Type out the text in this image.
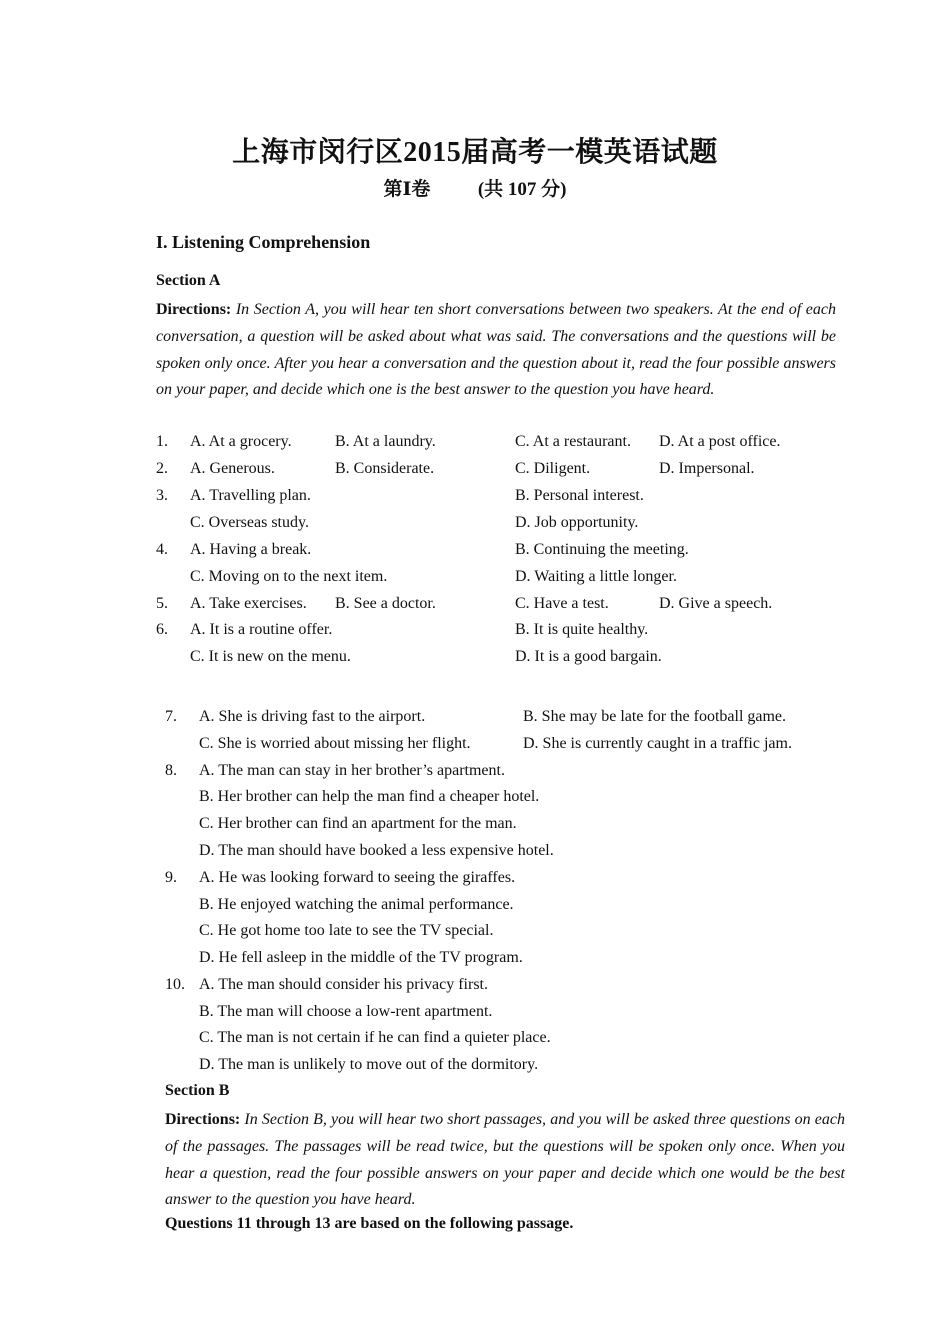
上海市闵行区2015届高考一模英语试题
第Ⅰ卷	(共 107 分)
I. Listening Comprehension
Section A
Directions: In Section A, you will hear ten short conversations between two speakers. At the end of each conversation, a question will be asked about what was said. The conversations and the questions will be spoken only once. After you hear a conversation and the question about it, read the four possible answers on your paper, and decide which one is the best answer to the question you have heard.
1. A. At a grocery.	B. At a laundry.	C. At a restaurant. D. At a post office.
2. A. Generous.	B. Considerate.	C. Diligent.	D. Impersonal.
3. A. Travelling plan.	B. Personal interest.
C. Overseas study.	D. Job opportunity.
4. A. Having a break.	B. Continuing the meeting.
C. Moving on to the next item.	D. Waiting a little longer.
5. A. Take exercises. B. See a doctor.	C. Have a test.	D. Give a speech.
6. A. It is a routine offer.	B. It is quite healthy.
C. It is new on the menu.	D. It is a good bargain.
7. A. She is driving fast to the airport.	B. She may be late for the football game.
C. She is worried about missing her flight.	D. She is currently caught in a traffic jam.
8. A. The man can stay in her brother’s apartment.
B. Her brother can help the man find a cheaper hotel.
C. Her brother can find an apartment for the man.
D. The man should have booked a less expensive hotel.
9. A. He was looking forward to seeing the giraffes.
B. He enjoyed watching the animal performance.
C. He got home too late to see the TV special.
D. He fell asleep in the middle of the TV program.
10. A. The man should consider his privacy first.
B. The man will choose a low-rent apartment.
C. The man is not certain if he can find a quieter place.
D. The man is unlikely to move out of the dormitory.
Section B
Directions: In Section B, you will hear two short passages, and you will be asked three questions on each of the passages. The passages will be read twice, but the questions will be spoken only once. When you hear a question, read the four possible answers on your paper and decide which one would be the best answer to the question you have heard.
Questions 11 through 13 are based on the following passage.
